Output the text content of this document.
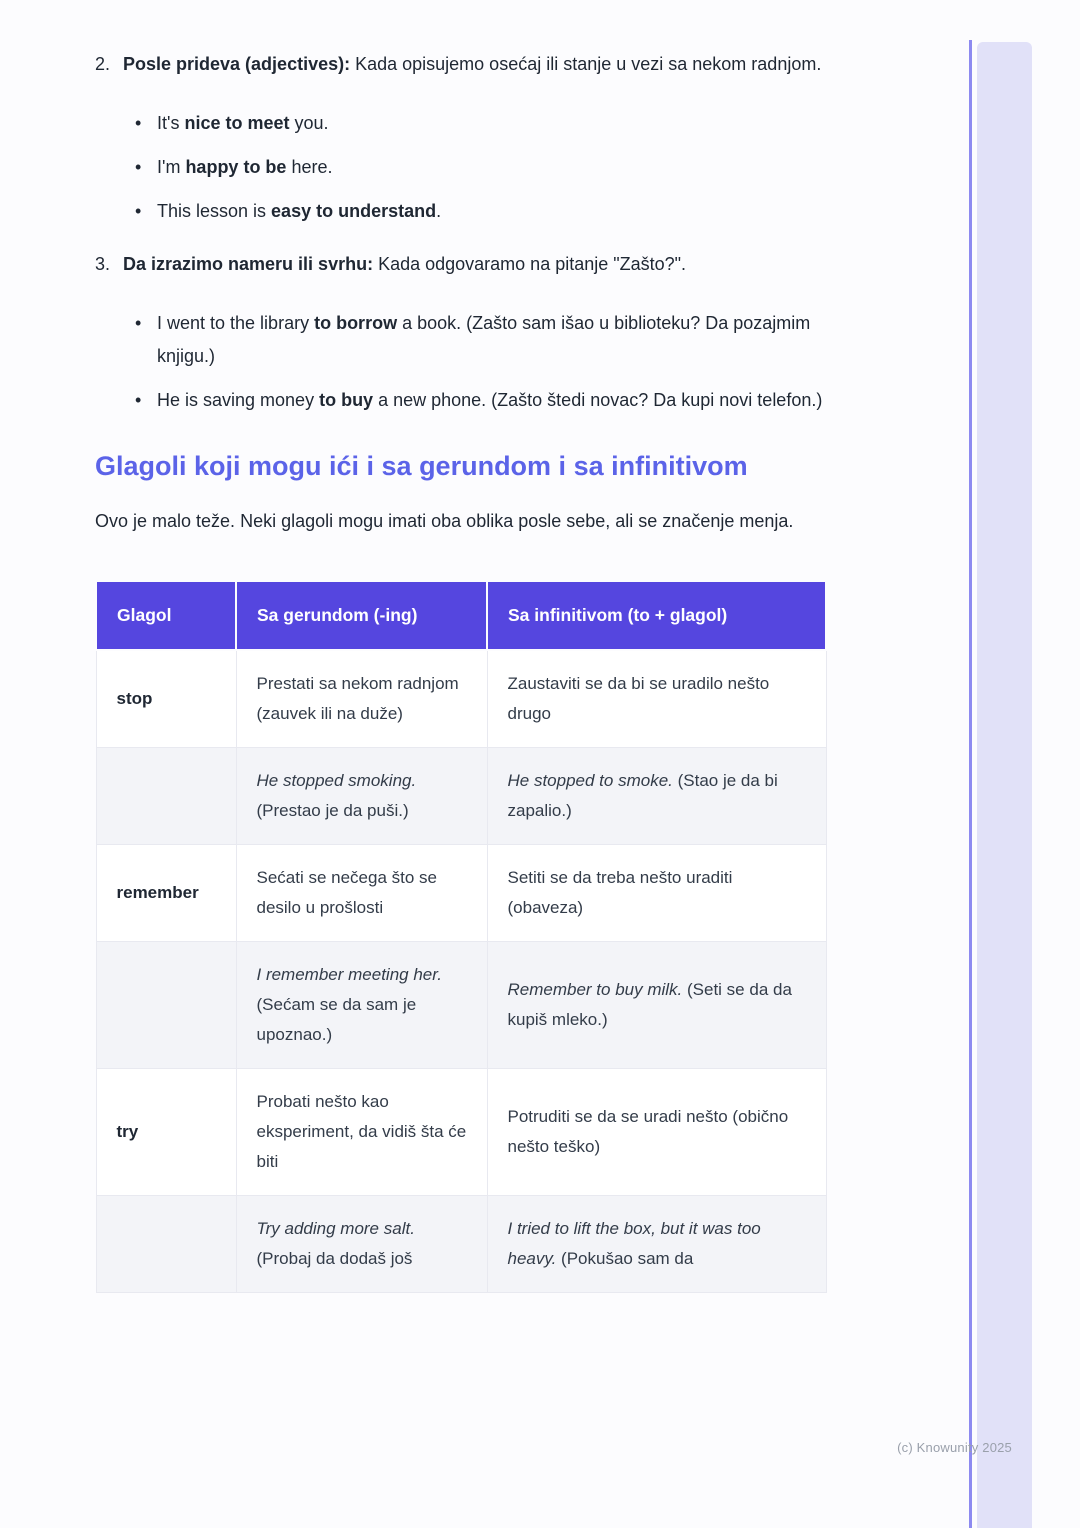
(c) Knowunity 2025
2. Posle prideva (adjectives): Kada opisujemo osećaj ili stanje u vezi sa nekom radnjom.

• It's nice to meet you.

• I'm happy to be here.

• This lesson is easy to understand.

3. Da izrazimo nameru ili svrhu: Kada odgovaramo na pitanje "Zašto?".

• I went to the library to borrow a book. (Zašto sam išao u biblioteku? Da pozajmim knjigu.)

• He is saving money to buy a new phone. (Zašto štedi novac? Da kupi novi telefon.)

Glagoli koji mogu ići i sa gerundom i sa infinitivom

Ovo je malo teže. Neki glagoli mogu imati oba oblika posle sebe, ali se značenje menja.

Glagol	Sa gerundom (-ing)	Sa infinitivom (to + glagol)
stop	Prestati sa nekom radnjom (zauvek ili na duže)	Zaustaviti se da bi se uradilo nešto drugo
	He stopped smoking. (Prestao je da puši.)	He stopped to smoke. (Stao je da bi zapalio.)
remember	Sećati se nečega što se desilo u prošlosti	Setiti se da treba nešto uraditi (obaveza)
	I remember meeting her. (Sećam se da sam je upoznao.)	Remember to buy milk. (Seti se da da kupiš mleko.)
try	Probati nešto kao eksperiment, da vidiš šta će biti	Potruditi se da se uradi nešto (obično nešto teško)
	Try adding more salt. (Probaj da dodaš još	I tried to lift the box, but it was too heavy. (Pokušao sam da
